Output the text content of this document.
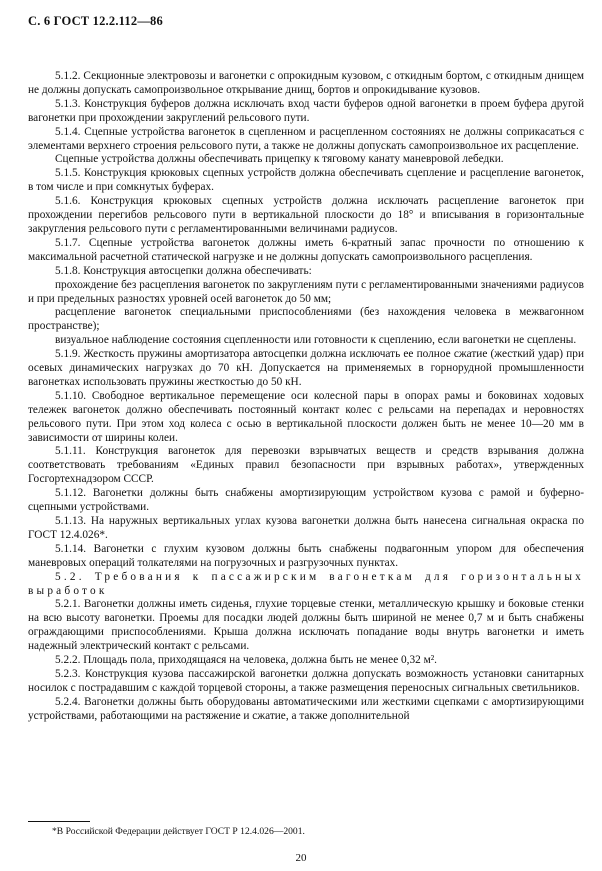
С. 6 ГОСТ 12.2.112—86

5.1.2. Секционные электровозы и вагонетки с опрокидным кузовом, с откидным бортом, с откидным днищем не должны допускать самопроизвольное открывание днищ, бортов и опрокидывание кузовов.

5.1.3. Конструкция буферов должна исключать вход части буферов одной вагонетки в проем буфера другой вагонетки при прохождении закруглений рельсового пути.

5.1.4. Сцепные устройства вагонеток в сцепленном и расцепленном состояниях не должны соприкасаться с элементами верхнего строения рельсового пути, а также не должны допускать самопроизвольное их расцепление.

Сцепные устройства должны обеспечивать прицепку к тяговому канату маневровой лебедки.

5.1.5. Конструкция крюковых сцепных устройств должна обеспечивать сцепление и расцепление вагонеток, в том числе и при сомкнутых буферах.

5.1.6. Конструкция крюковых сцепных устройств должна исключать расцепление вагонеток при прохождении перегибов рельсового пути в вертикальной плоскости до 18° и вписывания в горизонтальные закругления рельсового пути с регламентированными величинами радиусов.

5.1.7. Сцепные устройства вагонеток должны иметь 6-кратный запас прочности по отношению к максимальной расчетной статической нагрузке и не должны допускать самопроизвольного расцепления.

5.1.8. Конструкция автосцепки должна обеспечивать:

прохождение без расцепления вагонеток по закруглениям пути с регламентированными значениями радиусов и при предельных разностях уровней осей вагонеток до 50 мм;

расцепление вагонеток специальными приспособлениями (без нахождения человека в межвагонном пространстве);

визуальное наблюдение состояния сцепленности или готовности к сцеплению, если вагонетки не сцеплены.

5.1.9. Жесткость пружины амортизатора автосцепки должна исключать ее полное сжатие (жесткий удар) при осевых динамических нагрузках до 70 кН. Допускается на применяемых в горнорудной промышленности вагонетках использовать пружины жесткостью до 50 кН.

5.1.10. Свободное вертикальное перемещение оси колесной пары в опорах рамы и боковинах ходовых тележек вагонеток должно обеспечивать постоянный контакт колес с рельсами на перепадах и неровностях рельсового пути. При этом ход колеса с осью в вертикальной плоскости должен быть не менее 10—20 мм в зависимости от ширины колеи.

5.1.11. Конструкция вагонеток для перевозки взрывчатых веществ и средств взрывания должна соответствовать требованиям «Единых правил безопасности при взрывных работах», утвержденных Госгортехнадзором СССР.

5.1.12. Вагонетки должны быть снабжены амортизирующим устройством кузова с рамой и буферно-сцепными устройствами.

5.1.13. На наружных вертикальных углах кузова вагонетки должна быть нанесена сигнальная окраска по ГОСТ 12.4.026*.

5.1.14. Вагонетки с глухим кузовом должны быть снабжены подвагонным упором для обеспечения маневровых операций толкателями на погрузочных и разгрузочных пунктах.

5.2. Требования к пассажирским вагонеткам для горизонтальных выработок

5.2.1. Вагонетки должны иметь сиденья, глухие торцевые стенки, металлическую крышку и боковые стенки на всю высоту вагонетки. Проемы для посадки людей должны быть шириной не менее 0,7 м и быть снабжены ограждающими приспособлениями. Крыша должна исключать попадание воды внутрь вагонетки и иметь надежный электрический контакт с рельсами.

5.2.2. Площадь пола, приходящаяся на человека, должна быть не менее 0,32 м².

5.2.3. Конструкция кузова пассажирской вагонетки должна допускать возможность установки санитарных носилок с пострадавшим с каждой торцевой стороны, а также размещения переносных сигнальных светильников.

5.2.4. Вагонетки должны быть оборудованы автоматическими или жесткими сцепками с амортизирующими устройствами, работающими на растяжение и сжатие, а также дополнительной

*В Российской Федерации действует ГОСТ Р 12.4.026—2001.
20
